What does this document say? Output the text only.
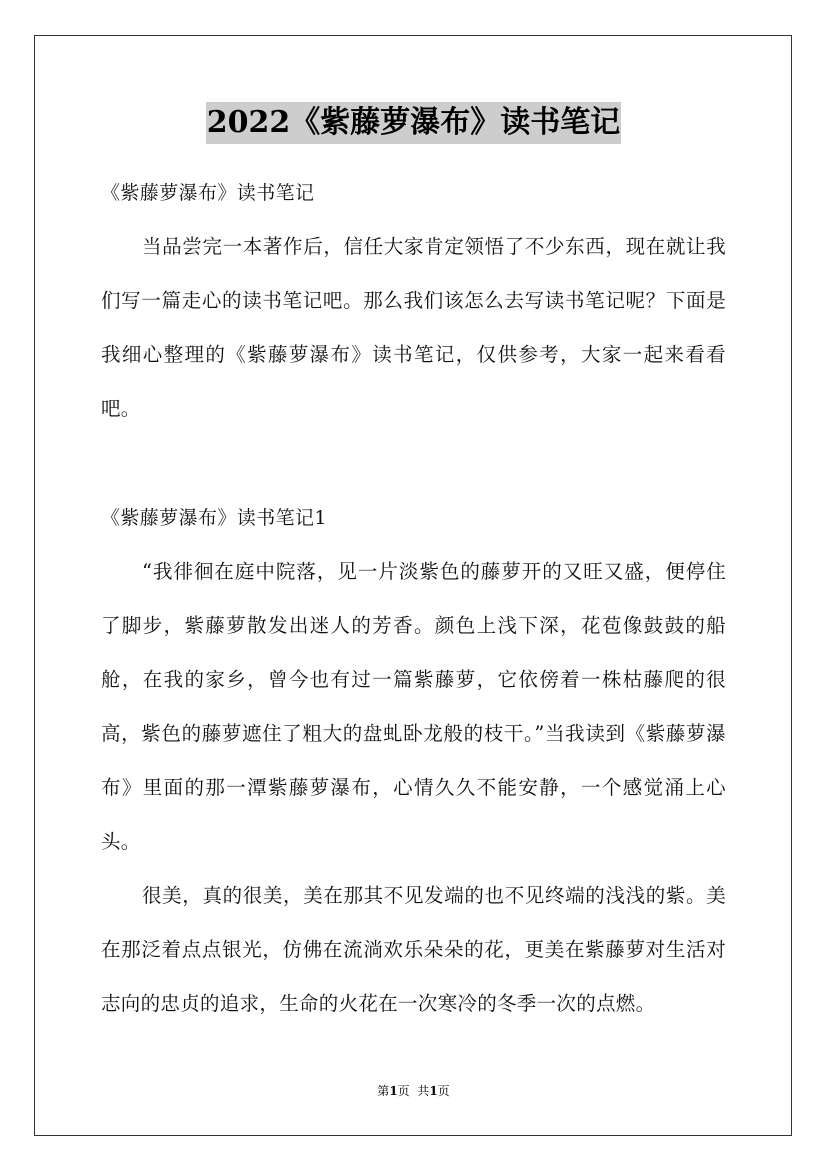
2022《紫藤萝瀑布》读书笔记

《紫藤萝瀑布》读书笔记

当品尝完一本著作后，信任大家肯定领悟了不少东西，现在就让我们写一篇走心的读书笔记吧。那么我们该怎么去写读书笔记呢？下面是我细心整理的《紫藤萝瀑布》读书笔记，仅供参考，大家一起来看看吧。

《紫藤萝瀑布》读书笔记1

“我徘徊在庭中院落，见一片淡紫色的藤萝开的又旺又盛，便停住了脚步，紫藤萝散发出迷人的芳香。颜色上浅下深，花苞像鼓鼓的船舱，在我的家乡，曾今也有过一篇紫藤萝，它依傍着一株枯藤爬的很高，紫色的藤萝遮住了粗大的盘虬卧龙般的枝干。”当我读到《紫藤萝瀑布》里面的那一潭紫藤萝瀑布，心情久久不能安静，一个感觉涌上心头。

很美，真的很美，美在那其不见发端的也不见终端的浅浅的紫。美在那泛着点点银光，仿佛在流淌欢乐朵朵的花，更美在紫藤萝对生活对志向的忠贞的追求，生命的火花在一次寒冷的冬季一次的点燃。

第1页  共1页
